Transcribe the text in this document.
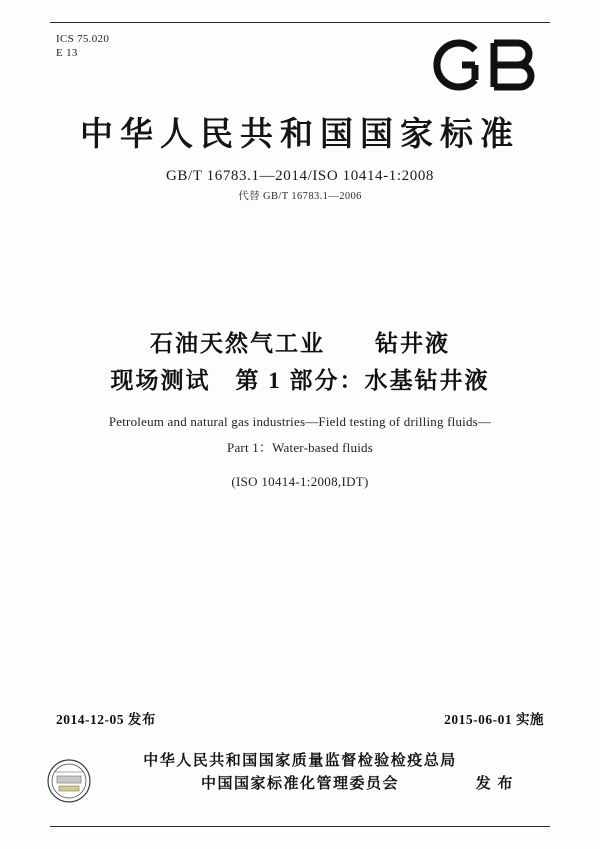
ICS 75.020
E 13
中华人民共和国国家标准
GB/T 16783.1—2014/ISO 10414-1:2008
代替 GB/T 16783.1—2006
石油天然气工业　　钻井液
现场测试　第 1 部分：水基钻井液
Petroleum and natural gas industries—Field testing of drilling fluids—
Part 1：Water-based fluids
(ISO 10414-1:2008,IDT)
2014-12-05 发布	2015-06-01 实施
中华人民共和国国家质量监督检验检疫总局
中国国家标准化管理委员会	发 布
